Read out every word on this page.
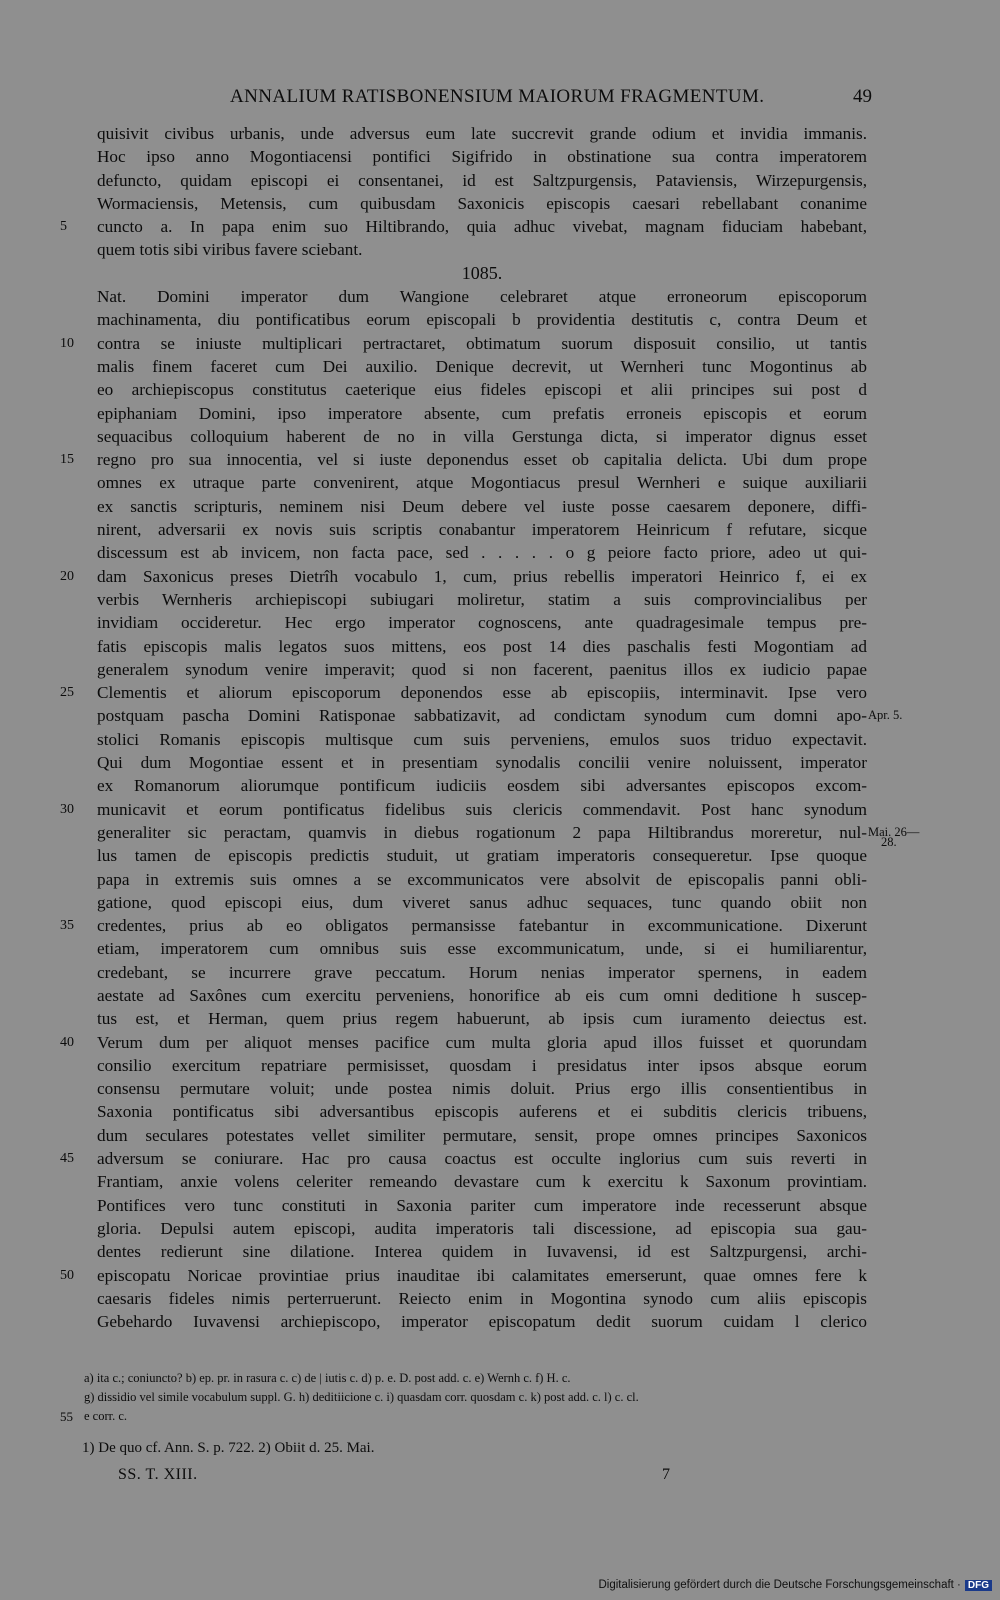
ANNALIUM RATISBONENSIUM MAIORUM FRAGMENTUM.	49
quisivit civibus urbanis, unde adversus eum late succrevit grande odium et invidia immanis.
Hoc ipso anno Mogontiacensi pontifici Sigifrido in obstinatione sua contra imperatorem
defuncto, quidam episcopi ei consentanei, id est Saltzpurgensis, Pataviensis, Wirzepurgensis,
Wormaciensis, Metensis, cum quibusdam Saxonicis episcopis caesari rebellabant conanime
5	cuncto a. In papa enim suo Hiltibrando, quia adhuc vivebat, magnam fiduciam habebant,
quem totis sibi viribus favere sciebant.
1085.
Nat. Domini imperator dum Wangione celebraret atque erroneorum episcoporum
machinamenta, diu pontificatibus eorum episcopali b providentia destitutis c, contra Deum et
10	contra se iniuste multiplicari pertractaret, obtimatum suorum disposuit consilio, ut tantis
malis finem faceret cum Dei auxilio. Denique decrevit, ut Wernheri tunc Mogontinus ab
eo archiepiscopus constitutus caeterique eius fideles episcopi et alii principes sui post d
epiphaniam Domini, ipso imperatore absente, cum prefatis erroneis episcopis et eorum
sequacibus colloquium haberent de no in villa Gerstunga dicta, si imperator dignus esset
15	regno pro sua innocentia, vel si iuste deponendus esset ob capitalia delicta. Ubi dum prope
omnes ex utraque parte convenirent, atque Mogontiacus presul Wernheri e suique auxiliarii
ex sanctis scripturis, neminem nisi Deum debere vel iuste posse caesarem deponere, diffi-
nirent, adversarii ex novis suis scriptis conabantur imperatorem Heinricum f refutare, sicque
discessum est ab invicem, non facta pace, sed . . . . . o g peiore facto priore, adeo ut qui-
20	dam Saxonicus preses Dietrîh vocabulo 1, cum, prius rebellis imperatori Heinrico f, ei ex
verbis Wernheris archiepiscopi subiugari moliretur, statim a suis comprovincialibus per
invidiam occideretur. Hec ergo imperator cognoscens, ante quadragesimale tempus pre-
fatis episcopis malis legatos suos mittens, eos post 14 dies paschalis festi Mogontiam ad
generalem synodum venire imperavit; quod si non facerent, paenitus illos ex iudicio papae
25	Clementis et aliorum episcoporum deponendos esse ab episcopiis, interminavit. Ipse vero
postquam pascha Domini Ratisponae sabbatizavit, ad condictam synodum cum domni apo- Apr. 5.
stolici Romanis episcopis multisque cum suis perveniens, emulos suos triduo expectavit.
Qui dum Mogontiae essent et in presentiam synodalis concilii venire noluissent, imperator
ex Romanorum aliorumque pontificum iudiciis eosdem sibi adversantes episcopos excom-
30	municavit et eorum pontificatus fidelibus suis clericis commendavit. Post hanc synodum
generaliter sic peractam, quamvis in diebus rogationum 2 papa Hiltibrandus moreretur, nul- Mai. 26—
28.
lus tamen de episcopis predictis studuit, ut gratiam imperatoris consequeretur. Ipse quoque
papa in extremis suis omnes a se excommunicatos vere absolvit de episcopalis panni obli-
gatione, quod episcopi eius, dum viveret sanus adhuc sequaces, tunc quando obiit non
35	credentes, prius ab eo obligatos permansisse fatebantur in excommunicatione. Dixerunt
etiam, imperatorem cum omnibus suis esse excommunicatum, unde, si ei humiliarentur,
credebant, se incurrere grave peccatum. Horum nenias imperator spernens, in eadem
aestate ad Saxônes cum exercitu perveniens, honorifice ab eis cum omni deditione h suscep-
tus est, et Herman, quem prius regem habuerunt, ab ipsis cum iuramento deiectus est.
40	Verum dum per aliquot menses pacifice cum multa gloria apud illos fuisset et quorundam
consilio exercitum repatriare permisisset, quosdam i presidatus inter ipsos absque eorum
consensu permutare voluit; unde postea nimis doluit. Prius ergo illis consentientibus in
Saxonia pontificatus sibi adversantibus episcopis auferens et ei subditis clericis tribuens,
dum seculares potestates vellet similiter permutare, sensit, prope omnes principes Saxonicos
45	adversum se coniurare. Hac pro causa coactus est occulte inglorius cum suis reverti in
Frantiam, anxie volens celeriter remeando devastare cum k exercitu k Saxonum provintiam.
Pontifices vero tunc constituti in Saxonia pariter cum imperatore inde recesserunt absque
gloria. Depulsi autem episcopi, audita imperatoris tali discessione, ad episcopia sua gau-
dentes redierunt sine dilatione. Interea quidem in Iuvavensi, id est Saltzpurgensi, archi-
50	episcopatu Noricae provintiae prius inauditae ibi calamitates emerserunt, quae omnes fere k
caesaris fideles nimis perterruerunt. Reiecto enim in Mogontina synodo cum aliis episcopis
Gebehardo Iuvavensi archiepiscopo, imperator episcopatum dedit suorum cuidam l clerico
a) ita c.; coniuncto? b) ep. pr. in rasura c. c) de | iutis c. d) p. e. D. post add. c. e) Wernh c. f) H. c.
g) dissidio vel simile vocabulum suppl. G. h) deditiicione c. i) quasdam corr. quosdam c. k) post add. c. l) c. cl.
55 e corr. c.
1) De quo cf. Ann. S. p. 722. 2) Obiit d. 25. Mai.
SS. T. XIII.	7
Digitalisierung gefördert durch die Deutsche Forschungsgemeinschaft · DFG
